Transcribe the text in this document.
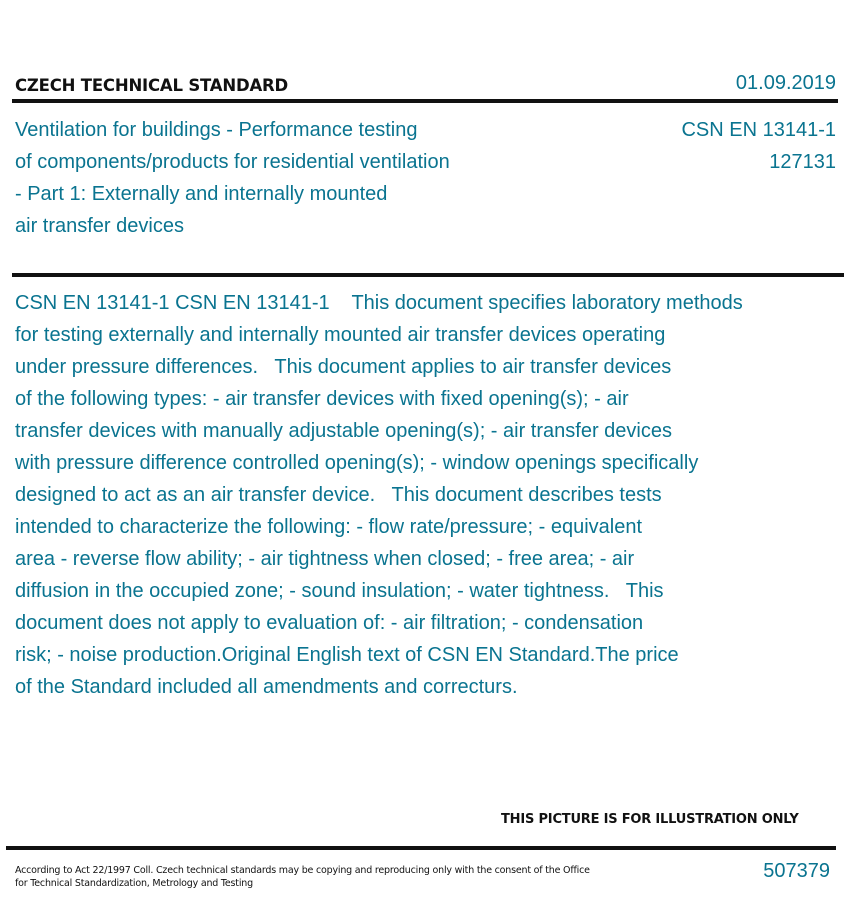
CZECH TECHNICAL STANDARD	01.09.2019
Ventilation for buildings - Performance testing
of components/products for residential ventilation
- Part 1: Externally and internally mounted
air transfer devices
CSN EN 13141-1
127131
CSN EN 13141-1 CSN EN 13141-1    This document specifies laboratory methods
for testing externally and internally mounted air transfer devices operating
under pressure differences.   This document applies to air transfer devices
of the following types: - air transfer devices with fixed opening(s); - air
transfer devices with manually adjustable opening(s); - air transfer devices
with pressure difference controlled opening(s); - window openings specifically
designed to act as an air transfer device.   This document describes tests
intended to characterize the following: - flow rate/pressure; - equivalent
area - reverse flow ability; - air tightness when closed; - free area; - air
diffusion in the occupied zone; - sound insulation; - water tightness.   This
document does not apply to evaluation of: - air filtration; - condensation
risk; - noise production.Original English text of CSN EN Standard.The price
of the Standard included all amendments and correcturs.
THIS PICTURE IS FOR ILLUSTRATION ONLY
According to Act 22/1997 Coll. Czech technical standards may be copying and reproducing only with the consent of the Office
for Technical Standardization, Metrology and Testing
507379
